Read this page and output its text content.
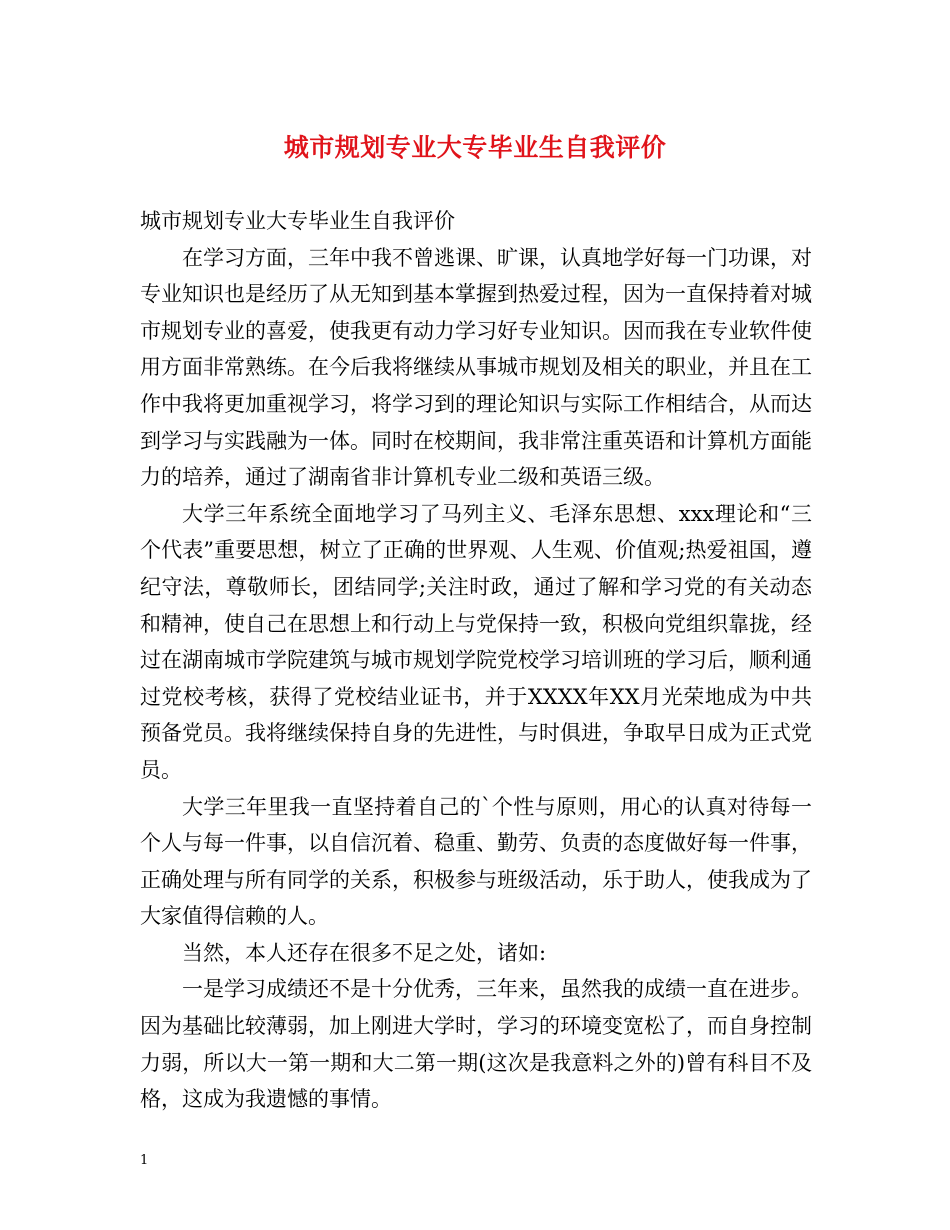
城市规划专业大专毕业生自我评价

城市规划专业大专毕业生自我评价

在学习方面，三年中我不曾逃课、旷课，认真地学好每一门功课，对专业知识也是经历了从无知到基本掌握到热爱过程，因为一直保持着对城市规划专业的喜爱，使我更有动力学习好专业知识。因而我在专业软件使用方面非常熟练。在今后我将继续从事城市规划及相关的职业，并且在工作中我将更加重视学习，将学习到的理论知识与实际工作相结合，从而达到学习与实践融为一体。同时在校期间，我非常注重英语和计算机方面能力的培养，通过了湖南省非计算机专业二级和英语三级。

大学三年系统全面地学习了马列主义、毛泽东思想、xxx理论和“三个代表”重要思想，树立了正确的世界观、人生观、价值观;热爱祖国，遵纪守法，尊敬师长，团结同学;关注时政，通过了解和学习党的有关动态和精神，使自己在思想上和行动上与党保持一致，积极向党组织靠拢，经过在湖南城市学院建筑与城市规划学院党校学习培训班的学习后，顺利通过党校考核，获得了党校结业证书，并于XXXX年XX月光荣地成为中共预备党员。我将继续保持自身的先进性，与时俱进，争取早日成为正式党员。

大学三年里我一直坚持着自己的`个性与原则，用心的认真对待每一个人与每一件事，以自信沉着、稳重、勤劳、负责的态度做好每一件事，正确处理与所有同学的关系，积极参与班级活动，乐于助人，使我成为了大家值得信赖的人。

当然，本人还存在很多不足之处，诸如:

一是学习成绩还不是十分优秀，三年来，虽然我的成绩一直在进步。因为基础比较薄弱，加上刚进大学时，学习的环境变宽松了，而自身控制力弱，所以大一第一期和大二第一期(这次是我意料之外的)曾有科目不及格，这成为我遗憾的事情。

1
